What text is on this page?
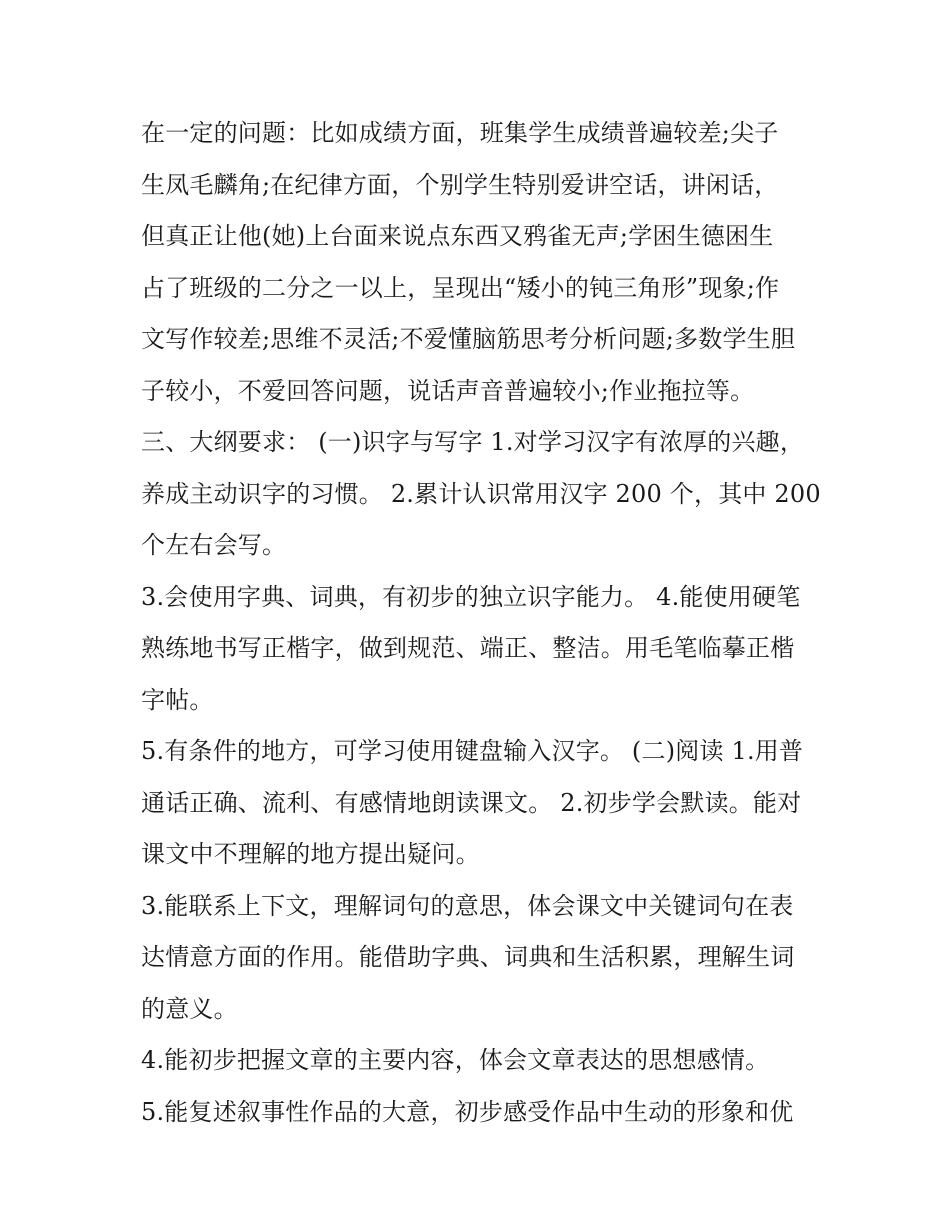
在一定的问题：比如成绩方面，班集学生成绩普遍较差;尖子
生凤毛麟角;在纪律方面，个别学生特别爱讲空话，讲闲话，
但真正让他(她)上台面来说点东西又鸦雀无声;学困生德困生
占了班级的二分之一以上，呈现出“矮小的钝三角形”现象;作
文写作较差;思维不灵活;不爱懂脑筋思考分析问题;多数学生胆
子较小，不爱回答问题，说话声音普遍较小;作业拖拉等。
三、大纲要求： (一)识字与写字 1.对学习汉字有浓厚的兴趣，
养成主动识字的习惯。 2.累计认识常用汉字 200 个，其中 200
个左右会写。
3.会使用字典、词典，有初步的独立识字能力。 4.能使用硬笔
熟练地书写正楷字，做到规范、端正、整洁。用毛笔临摹正楷
字帖。
5.有条件的地方，可学习使用键盘输入汉字。 (二)阅读 1.用普
通话正确、流利、有感情地朗读课文。 2.初步学会默读。能对
课文中不理解的地方提出疑问。
3.能联系上下文，理解词句的意思，体会课文中关键词句在表
达情意方面的作用。能借助字典、词典和生活积累，理解生词
的意义。
4.能初步把握文章的主要内容，体会文章表达的思想感情。
5.能复述叙事性作品的大意，初步感受作品中生动的形象和优
